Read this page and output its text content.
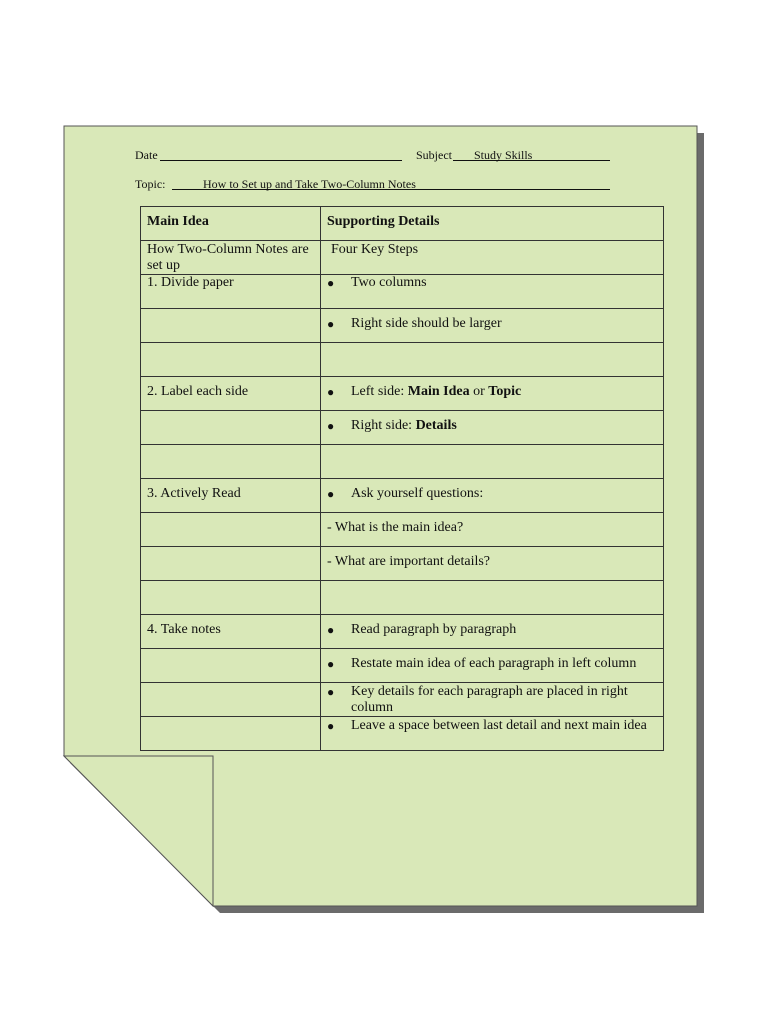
Date	Subject Study Skills
Topic:	How to Set up and Take Two-Column Notes
Main Idea	Supporting Details

How Two-Column Notes are set up	Four Key Steps

1. Divide paper	● Two columns

	● Right side should be larger

2. Label each side	● Left side: Main Idea or Topic

	● Right side: Details

3. Actively Read	● Ask yourself questions:

	- What is the main idea?

	- What are important details?

4. Take notes	● Read paragraph by paragraph

	● Restate main idea of each paragraph in left column

	● Key details for each paragraph are placed in right column

	● Leave a space between last detail and next main idea
